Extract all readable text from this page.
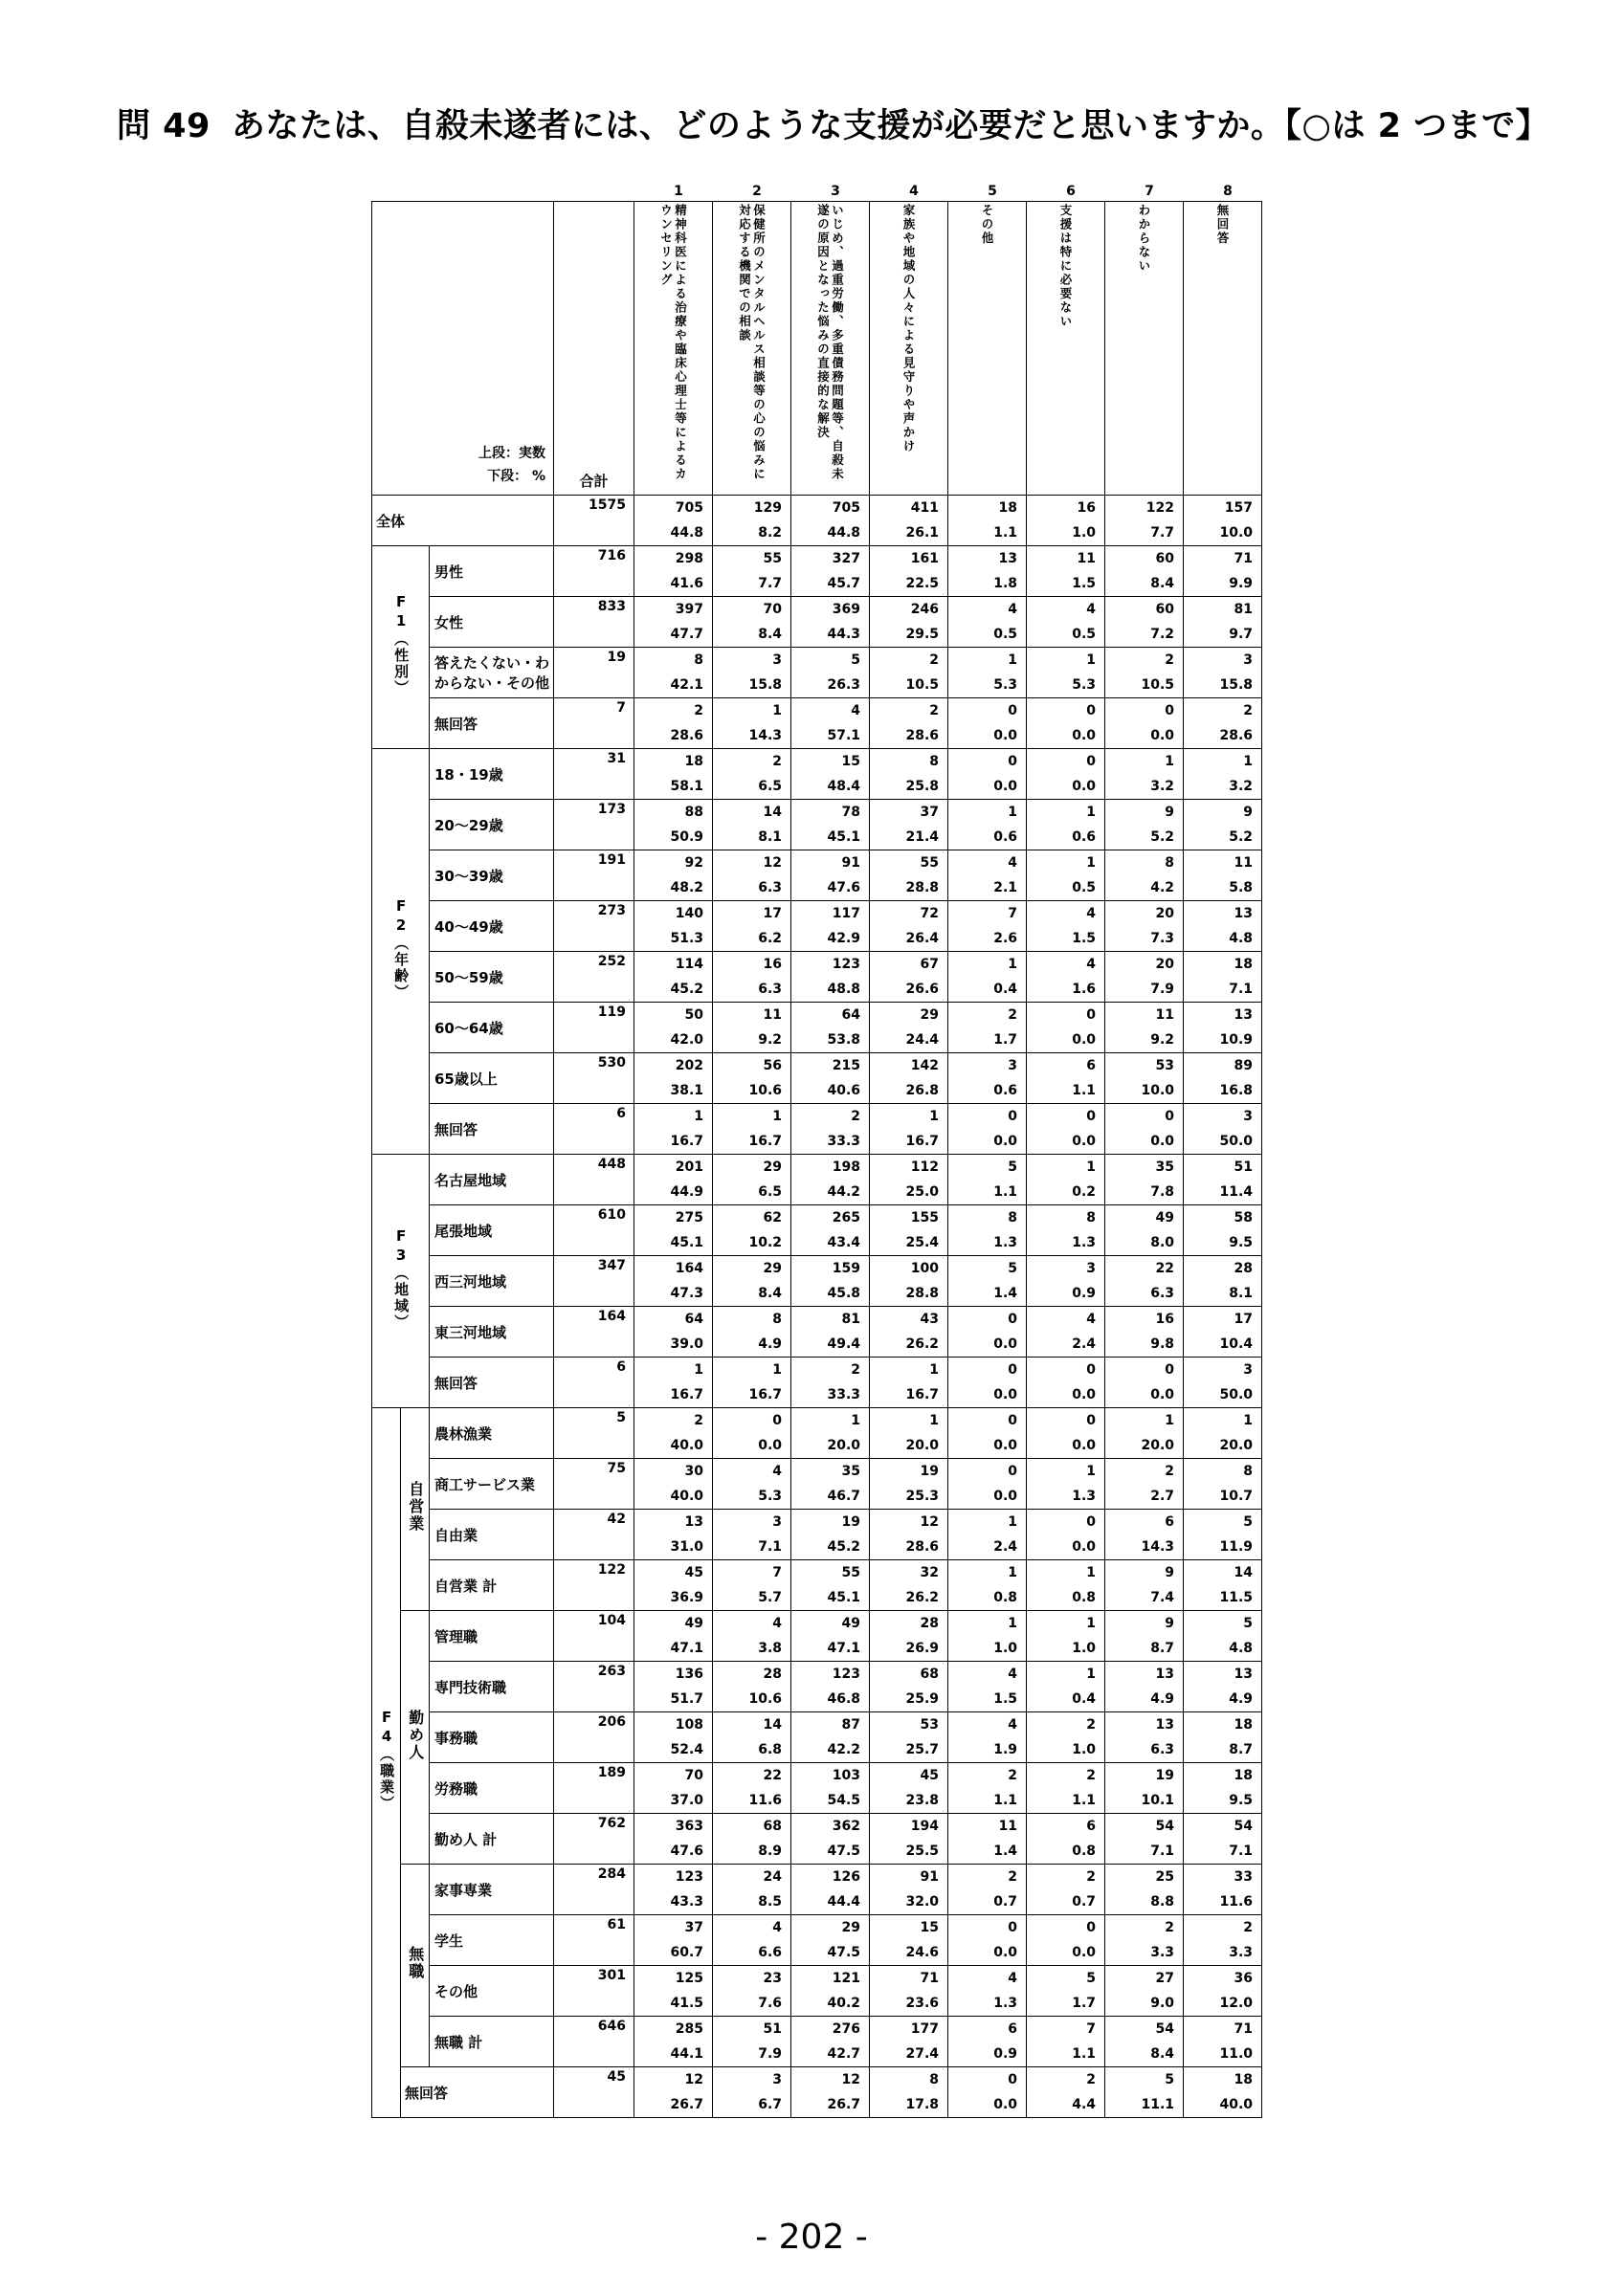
問 49 あなたは、自殺未遂者には、どのような支援が必要だと思いますか。【○は 2 つまで】
1	2	3	4	5	6	7	8
上段：実数
下段： %			合計	精神科医による治療や臨床心理士等によるカウンセリング	保健所のメンタルヘルス相談等の心の悩みに対応する機関での相談	いじめ、過重労働、多重債務問題等、自殺未遂の原因となった悩みの直接的な解決	家族や地域の人々による見守りや声かけ	その他	支援は特に必要ない	わからない	無回答
全体			1575	705	129	705	411	18	16	122	157
				44.8	8.2	44.8	26.1	1.1	1.0	7.7	10.0
F1（性別）		男性	716	298	55	327	161	13	11	60	71
				41.6	7.7	45.7	22.5	1.8	1.5	8.4	9.9
		女性	833	397	70	369	246	4	4	60	81
				47.7	8.4	44.3	29.5	0.5	0.5	7.2	9.7
		答えたくない・わからない・その他	19	8	3	5	2	1	1	2	3
				42.1	15.8	26.3	10.5	5.3	5.3	10.5	15.8
		無回答	7	2	1	4	2	0	0	0	2
				28.6	14.3	57.1	28.6	0.0	0.0	0.0	28.6
F2（年齢）		18・19歳	31	18	2	15	8	0	0	1	1
				58.1	6.5	48.4	25.8	0.0	0.0	3.2	3.2
		20～29歳	173	88	14	78	37	1	1	9	9
				50.9	8.1	45.1	21.4	0.6	0.6	5.2	5.2
		30～39歳	191	92	12	91	55	4	1	8	11
				48.2	6.3	47.6	28.8	2.1	0.5	4.2	5.8
		40～49歳	273	140	17	117	72	7	4	20	13
				51.3	6.2	42.9	26.4	2.6	1.5	7.3	4.8
		50～59歳	252	114	16	123	67	1	4	20	18
				45.2	6.3	48.8	26.6	0.4	1.6	7.9	7.1
		60～64歳	119	50	11	64	29	2	0	11	13
				42.0	9.2	53.8	24.4	1.7	0.0	9.2	10.9
		65歳以上	530	202	56	215	142	3	6	53	89
				38.1	10.6	40.6	26.8	0.6	1.1	10.0	16.8
		無回答	6	1	1	2	1	0	0	0	3
				16.7	16.7	33.3	16.7	0.0	0.0	0.0	50.0
F3（地域）		名古屋地域	448	201	29	198	112	5	1	35	51
				44.9	6.5	44.2	25.0	1.1	0.2	7.8	11.4
		尾張地域	610	275	62	265	155	8	8	49	58
				45.1	10.2	43.4	25.4	1.3	1.3	8.0	9.5
		西三河地域	347	164	29	159	100	5	3	22	28
				47.3	8.4	45.8	28.8	1.4	0.9	6.3	8.1
		東三河地域	164	64	8	81	43	0	4	16	17
				39.0	4.9	49.4	26.2	0.0	2.4	9.8	10.4
		無回答	6	1	1	2	1	0	0	0	3
				16.7	16.7	33.3	16.7	0.0	0.0	0.0	50.0
F4（職業）	自営業	農林漁業	5	2	0	1	1	0	0	1	1
				40.0	0.0	20.0	20.0	0.0	0.0	20.0	20.0
		商工サービス業	75	30	4	35	19	0	1	2	8
				40.0	5.3	46.7	25.3	0.0	1.3	2.7	10.7
		自由業	42	13	3	19	12	1	0	6	5
				31.0	7.1	45.2	28.6	2.4	0.0	14.3	11.9
		自営業 計	122	45	7	55	32	1	1	9	14
				36.9	5.7	45.1	26.2	0.8	0.8	7.4	11.5
	勤め人	管理職	104	49	4	49	28	1	1	9	5
				47.1	3.8	47.1	26.9	1.0	1.0	8.7	4.8
		専門技術職	263	136	28	123	68	4	1	13	13
				51.7	10.6	46.8	25.9	1.5	0.4	4.9	4.9
		事務職	206	108	14	87	53	4	2	13	18
				52.4	6.8	42.2	25.7	1.9	1.0	6.3	8.7
		労務職	189	70	22	103	45	2	2	19	18
				37.0	11.6	54.5	23.8	1.1	1.1	10.1	9.5
		勤め人 計	762	363	68	362	194	11	6	54	54
				47.6	8.9	47.5	25.5	1.4	0.8	7.1	7.1
	無職	家事専業	284	123	24	126	91	2	2	25	33
				43.3	8.5	44.4	32.0	0.7	0.7	8.8	11.6
		学生	61	37	4	29	15	0	0	2	2
				60.7	6.6	47.5	24.6	0.0	0.0	3.3	3.3
		その他	301	125	23	121	71	4	5	27	36
				41.5	7.6	40.2	23.6	1.3	1.7	9.0	12.0
		無職 計	646	285	51	276	177	6	7	54	71
				44.1	7.9	42.7	27.4	0.9	1.1	8.4	11.0
	無回答		45	12	3	12	8	0	2	5	18
				26.7	6.7	26.7	17.8	0.0	4.4	11.1	40.0
- 202 -
